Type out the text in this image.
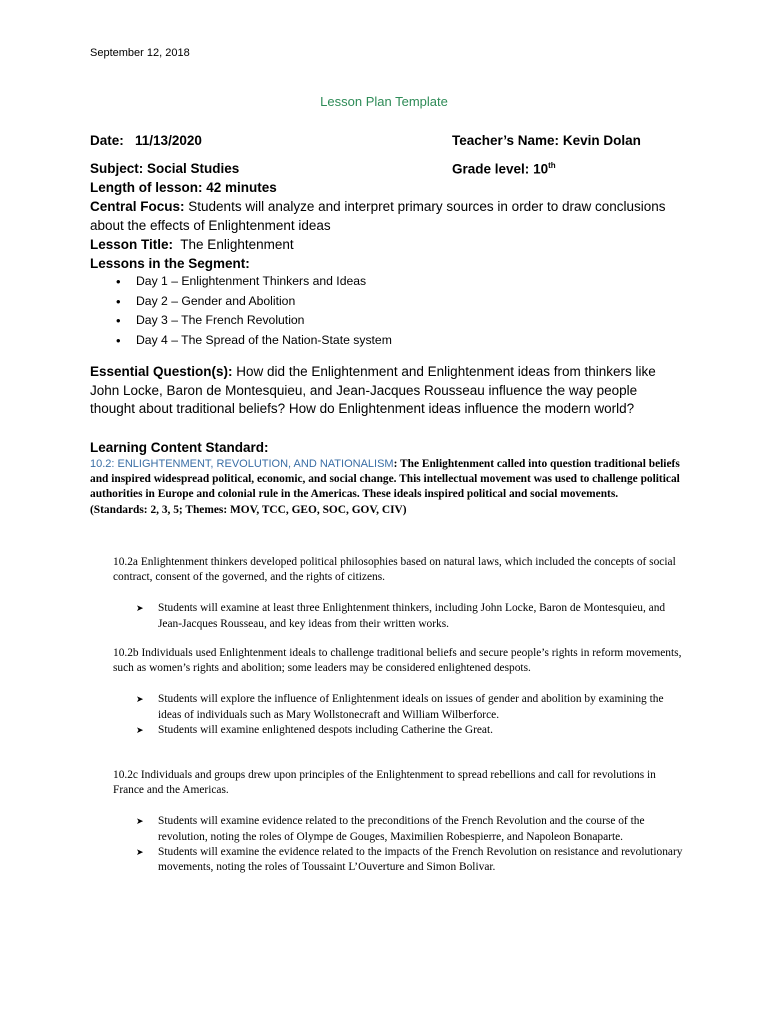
September 12, 2018
Lesson Plan Template
Date: 11/13/2020	Teacher’s Name: Kevin Dolan
Subject: Social Studies	Grade level: 10th
Length of lesson: 42 minutes
Central Focus: Students will analyze and interpret primary sources in order to draw conclusions about the effects of Enlightenment ideas
Lesson Title: The Enlightenment
Lessons in the Segment:
• Day 1 – Enlightenment Thinkers and Ideas
• Day 2 – Gender and Abolition
• Day 3 – The French Revolution
• Day 4 – The Spread of the Nation-State system
Essential Question(s): How did the Enlightenment and Enlightenment ideas from thinkers like John Locke, Baron de Montesquieu, and Jean-Jacques Rousseau influence the way people thought about traditional beliefs? How do Enlightenment ideas influence the modern world?
Learning Content Standard:
10.2: ENLIGHTENMENT, REVOLUTION, AND NATIONALISM: The Enlightenment called into question traditional beliefs and inspired widespread political, economic, and social change. This intellectual movement was used to challenge political authorities in Europe and colonial rule in the Americas. These ideals inspired political and social movements.
(Standards: 2, 3, 5; Themes: MOV, TCC, GEO, SOC, GOV, CIV)
10.2a Enlightenment thinkers developed political philosophies based on natural laws, which included the concepts of social contract, consent of the governed, and the rights of citizens.
➤ Students will examine at least three Enlightenment thinkers, including John Locke, Baron de Montesquieu, and Jean-Jacques Rousseau, and key ideas from their written works.
10.2b Individuals used Enlightenment ideals to challenge traditional beliefs and secure people’s rights in reform movements, such as women’s rights and abolition; some leaders may be considered enlightened despots.
➤ Students will explore the influence of Enlightenment ideals on issues of gender and abolition by examining the ideas of individuals such as Mary Wollstonecraft and William Wilberforce.
➤ Students will examine enlightened despots including Catherine the Great.
10.2c Individuals and groups drew upon principles of the Enlightenment to spread rebellions and call for revolutions in France and the Americas.
➤ Students will examine evidence related to the preconditions of the French Revolution and the course of the revolution, noting the roles of Olympe de Gouges, Maximilien Robespierre, and Napoleon Bonaparte.
➤ Students will examine the evidence related to the impacts of the French Revolution on resistance and revolutionary movements, noting the roles of Toussaint L’Ouverture and Simon Bolivar.
